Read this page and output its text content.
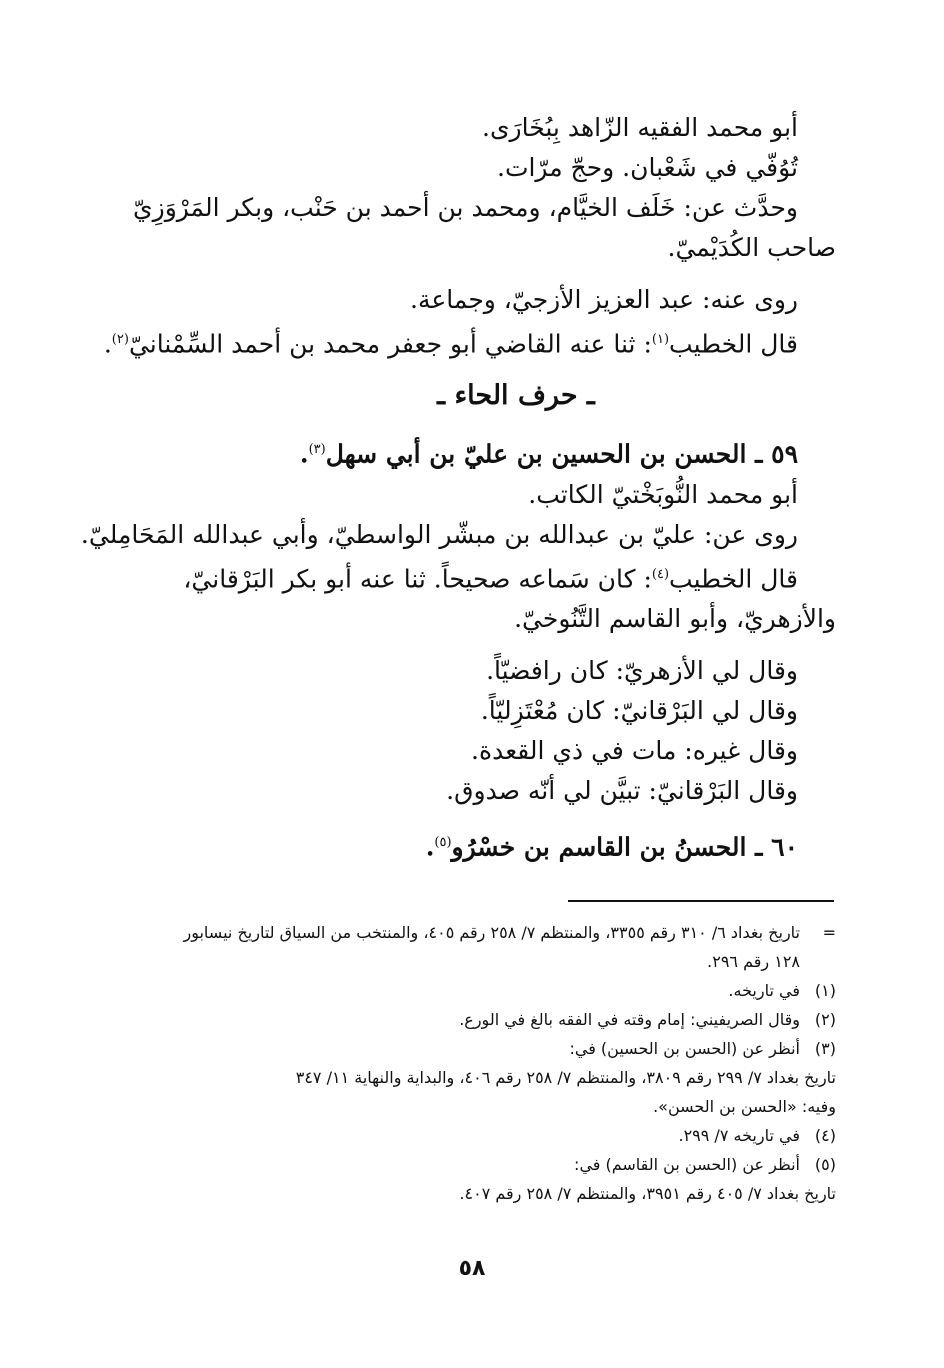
أبو محمد الفقيه الزّاهد بِبُخَارَى.
تُوُفّي في شَعْبان. وحجّ مرّات.
وحدَّث عن: خَلَف الخيَّام، ومحمد بن أحمد بن حَنْب، وبكر المَرْوَزِيّ
صاحب الكُدَيْميّ.
روى عنه: عبد العزيز الأزجيّ، وجماعة.
قال الخطيب$^{(١)}$: ثنا عنه القاضي أبو جعفر محمد بن أحمد السِّمْنانيّ$^{(٢)}$.
ـ حرف الحاء ـ
٥٩ ـ الحسن بن الحسين بن عليّ بن أبي سهل$^{(٣)}$.
أبو محمد النُّوبَخْتيّ الكاتب.
روى عن: عليّ بن عبدالله بن مبشّر الواسطيّ، وأبي عبدالله المَحَامِليّ.
قال الخطيب$^{(٤)}$: كان سَماعه صحيحاً. ثنا عنه أبو بكر البَرْقانيّ،
والأزهريّ، وأبو القاسم التَّنُوخيّ.
وقال لي الأزهريّ: كان رافضيّاً.
وقال لي البَرْقانيّ: كان مُعْتَزِليّاً.
وقال غيره: مات في ذي القعدة.
وقال البَرْقانيّ: تبيَّن لي أنّه صدوق.
٦٠ ـ الحسنُ بن القاسم بن خسْرُو$^{(٥)}$.
=تاريخ بغداد ٦/ ٣١٠ رقم ٣٣٥٥، والمنتظم ٧/ ٢٥٨ رقم ٤٠٥، والمنتخب من السياق لتاريخ نيسابور
١٢٨ رقم ٢٩٦.
(١)في تاريخه.
(٢)وقال الصريفيني: إمام وقته في الفقه بالغ في الورع.
(٣)أنظر عن (الحسن بن الحسين) في:
تاريخ بغداد ٧/ ٢٩٩ رقم ٣٨٠٩، والمنتظم ٧/ ٢٥٨ رقم ٤٠٦، والبداية والنهاية ١١/ ٣٤٧
وفيه: «الحسن بن الحسن».
(٤)في تاريخه ٧/ ٢٩٩.
(٥)أنظر عن (الحسن بن القاسم) في:
تاريخ بغداد ٧/ ٤٠٥ رقم ٣٩٥١، والمنتظم ٧/ ٢٥٨ رقم ٤٠٧.
٥٨
